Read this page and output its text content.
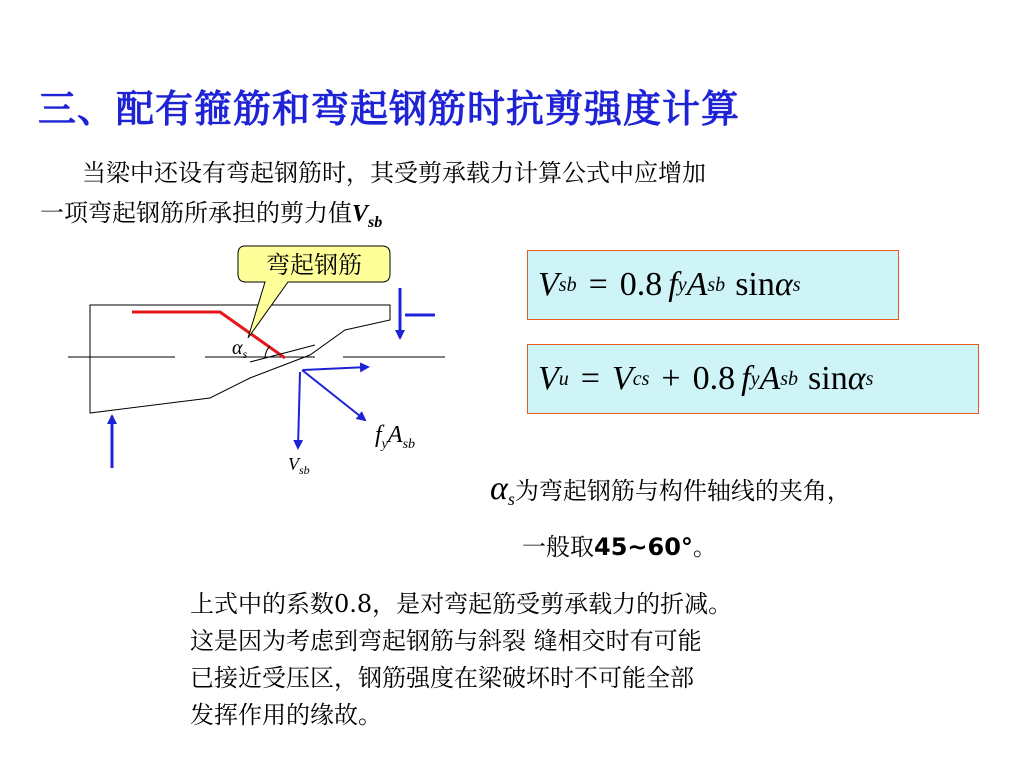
三、配有箍筋和弯起钢筋时抗剪强度计算
当梁中还设有弯起钢筋时，其受剪承载力计算公式中应增加
一项弯起钢筋所承担的剪力值$V_{sb}$
$\alpha_s$
弯起钢筋
$f_yA_{sb}$
$V_{sb}$
V sb = 0.8 f y A sb sin α s
V u = V cs + 0.8 f y A sb sin α s
$\alpha_s$为弯起钢筋与构件轴线的夹角，
一般取45~60°。
上式中的系数0.8，是对弯起筋受剪承载力的折减。
这是因为考虑到弯起钢筋与斜裂 缝相交时有可能
已接近受压区，钢筋强度在梁破坏时不可能全部
发挥作用的缘故。
